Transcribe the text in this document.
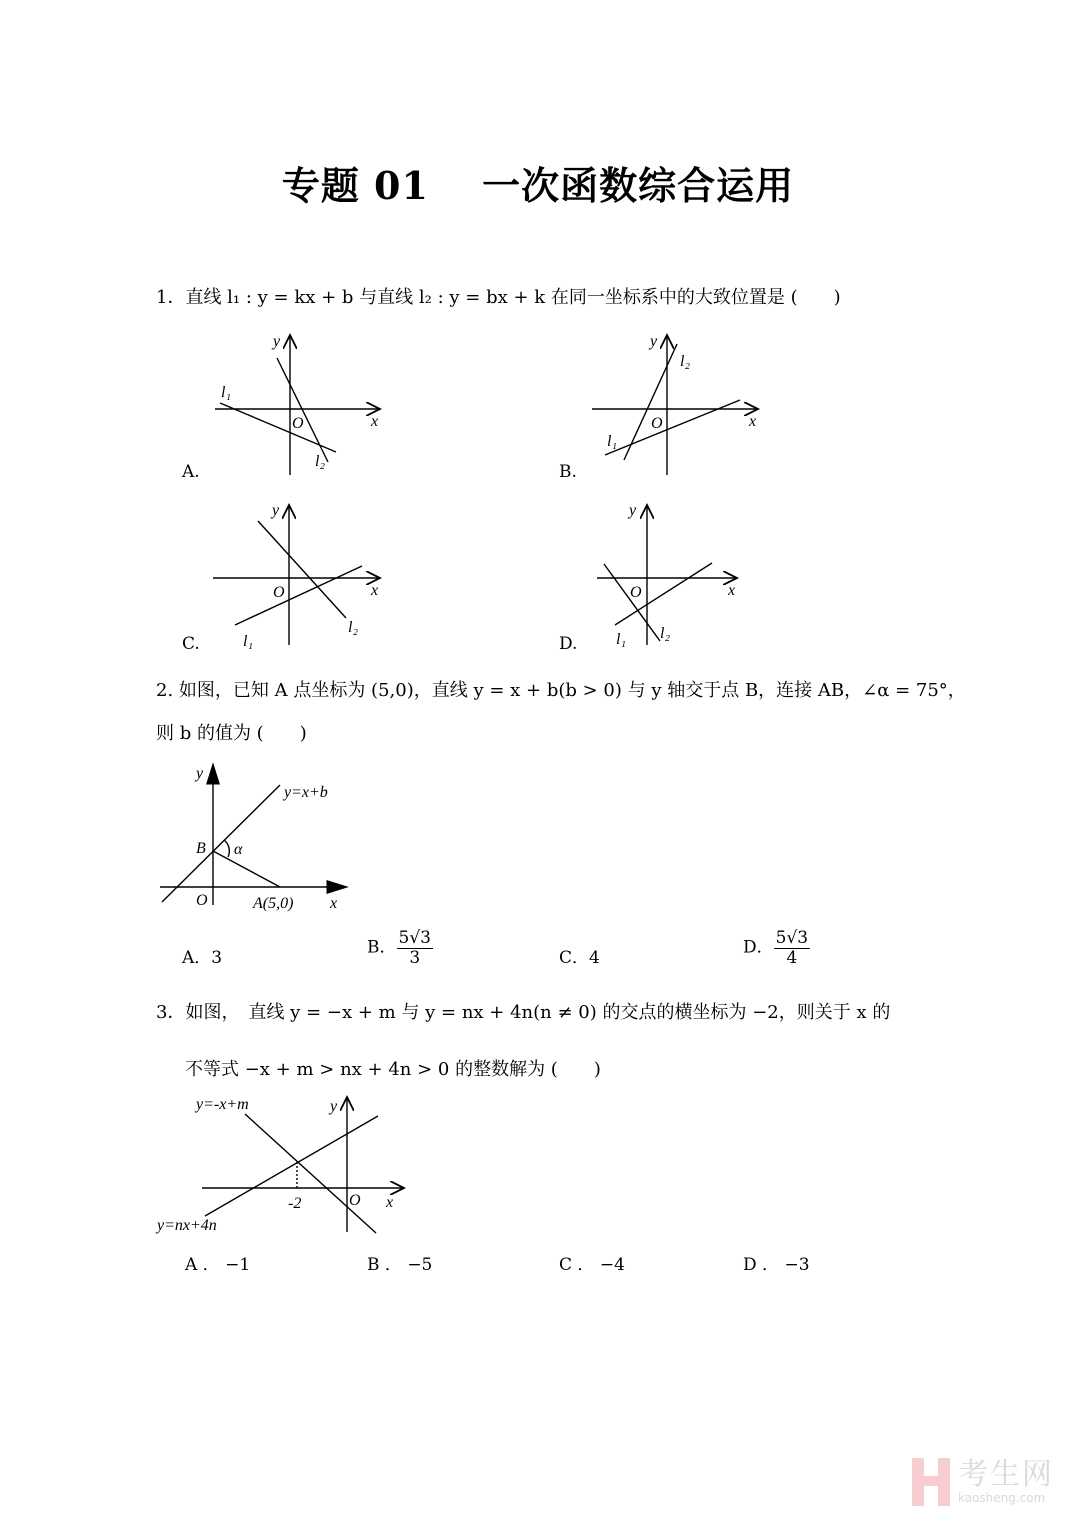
专题 01　 一次函数综合运用
1．直线 l₁ : y = kx + b 与直线 l₂ : y = bx + k 在同一坐标系中的大致位置是 (　　)
A.	B.
C.	D.
x
y
O
l₁
l₂
x
y
O
l₁
l₂
x
y
O
l₁
l₂
x
y
O
l₁ l₂
y
y=x+b
B α
O	A(5,0) x
y=-x+m
y=nx+4n
y
-2	O x
2. 如图，已知 A 点坐标为 (5,0)，直线 y = x + b(b > 0) 与 y 轴交于点 B，连接 AB，∠α = 75°，
则 b 的值为 (　　)
A．3
B． $\frac{5√3}{3}$	C．4
D． $\frac{5√3}{4}$
3．如图，　直线 y = −x + m 与 y = nx + 4n(n ≠ 0) 的交点的横坐标为 −2，则关于 x 的
不等式 −x + m > nx + 4n > 0 的整数解为 (　　)
A ． −1	B ． −5	C ． −4	D ． −3
考生网
kaosheng.com
